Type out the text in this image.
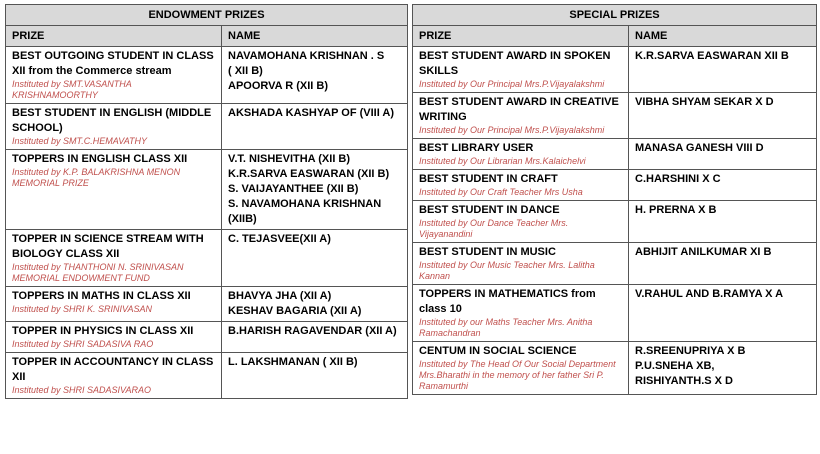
ENDOWMENT PRIZES	
PRIZE	NAME

BEST OUTGOING STUDENT IN CLASS XII from the Commerce stream
Instituted by SMT.VASANTHA KRISHNAMOORTHY	NAVAMOHANA KRISHNAN . S
( XII B)
APOORVA R (XII B)

BEST STUDENT IN ENGLISH (MIDDLE SCHOOL)
Instituted by SMT.C.HEMAVATHY	AKSHADA KASHYAP OF (VIII A)

TOPPERS IN ENGLISH CLASS XII
Instituted by K.P. BALAKRISHNA MENON MEMORIAL PRIZE	V.T. NISHEVITHA (XII B)
K.R.SARVA EASWARAN (XII B)
S. VAIJAYANTHEE (XII B)
S. NAVAMOHANA KRISHNAN (XIIB)

TOPPER IN SCIENCE STREAM WITH BIOLOGY CLASS XII
Instituted by THANTHONI N. SRINIVASAN MEMORIAL ENDOWMENT FUND	C. TEJASVEE(XII A)

TOPPERS IN MATHS IN CLASS XII
Instituted by SHRI K. SRINIVASAN	BHAVYA JHA (XII A)
KESHAV BAGARIA (XII A)

TOPPER IN PHYSICS IN CLASS XII
Instituted by SHRI SADASIVA RAO	B.HARISH RAGAVENDAR (XII A)

TOPPER IN ACCOUNTANCY IN CLASS XII
Instituted by SHRI SADASIVARAO	L. LAKSHMANAN ( XII B)
SPECIAL PRIZES	
PRIZE	NAME

BEST STUDENT AWARD IN SPOKEN SKILLS
Instituted by Our Principal Mrs.P.Vijayalakshmi	K.R.SARVA EASWARAN XII B

BEST STUDENT AWARD IN CREATIVE WRITING
Instituted by Our Principal Mrs.P.Vijayalakshmi	VIBHA SHYAM SEKAR X D

BEST LIBRARY USER
Instituted by Our Librarian Mrs.Kalaichelvi	MANASA GANESH VIII D

BEST STUDENT IN CRAFT
Instituted by Our Craft Teacher Mrs Usha	C.HARSHINI X C

BEST STUDENT IN DANCE
Instituted by Our Dance Teacher Mrs. Vijayanandini	H. PRERNA X B

BEST STUDENT IN MUSIC
Instituted by Our Music Teacher Mrs. Lalitha Kannan	ABHIJIT ANILKUMAR XI B

TOPPERS IN MATHEMATICS from class 10
Instituted by our Maths Teacher Mrs. Anitha Ramachandran	V.RAHUL AND B.RAMYA X A

CENTUM IN SOCIAL SCIENCE
Instituted by The Head Of Our Social Department Mrs.Bharathi in the memory of her father Sri P. Ramamurthi	R.SREENUPRIYA X B
P.U.SNEHA XB,
RISHIYANTH.S X D
